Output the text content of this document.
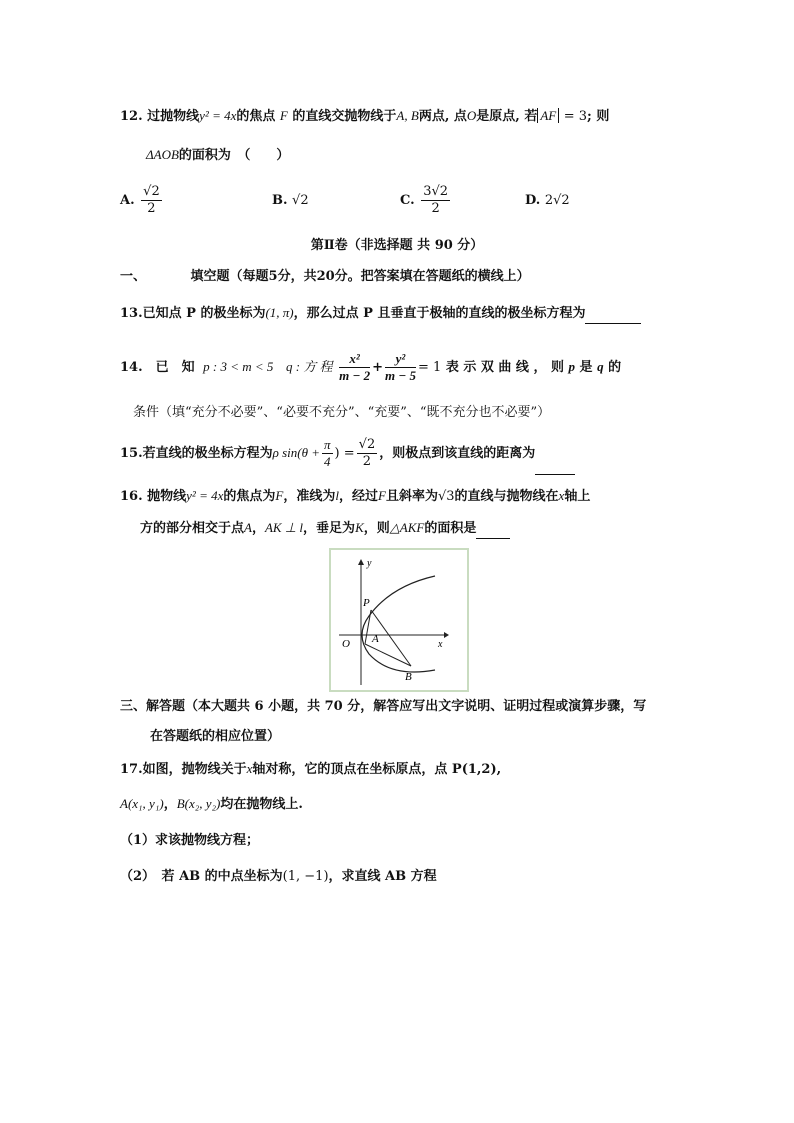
12. 过抛物线y² = 4x的焦点 F 的直线交抛物线于A, B两点, 点O是原点, 若 AF = 3; 则
ΔAOB的面积为　（　　）
A. $\frac{√2}{2}$	B. √2	C. $\frac{3√2}{2}$	D. 2√2
第Ⅱ卷（非选择题 共 90 分）
一、	填空题（每题5分，共20分。把答案填在答题纸的横线上）
13.已知点 P 的极坐标为(1, π)，那么过点 P 且垂直于极轴的直线的极坐标方程为
14.　已　知 p : 3 < m < 5 q : 方 程 $\frac{\text{x²}}{m - 2} + \frac{\text{y²}}{m - 5} = 1$ 表 示 双 曲 线 ， 则 p 是 q 的
条件（填“充分不必要”、“必要不充分”、“充要”、“既不充分也不必要”）
15.若直线的极坐标方程为ρ $\sin(\theta + \frac{\pi}{4}$ ) = $\frac{√2}{2}$ ，则极点到该直线的距离为
16. 抛物线y² = 4x的焦点为F，准线为l，经过F且斜率为√3的直线与抛物线在x轴上
方的部分相交于点A，AK ⊥ l，垂足为K，则△AKF的面积是
y
x
O
P
A
B
三、解答题（本大题共 6 小题，共 70 分，解答应写出文字说明、证明过程或演算步骤，写
在答题纸的相应位置）
17.如图，抛物线关于x轴对称，它的顶点在坐标原点，点 P(1,2),
A(x₁, y₁)，B(x₂, y₂)均在抛物线上.
（1）求该抛物线方程；
（2）　若 AB 的中点坐标为(1, −1)，求直线 AB 方程
